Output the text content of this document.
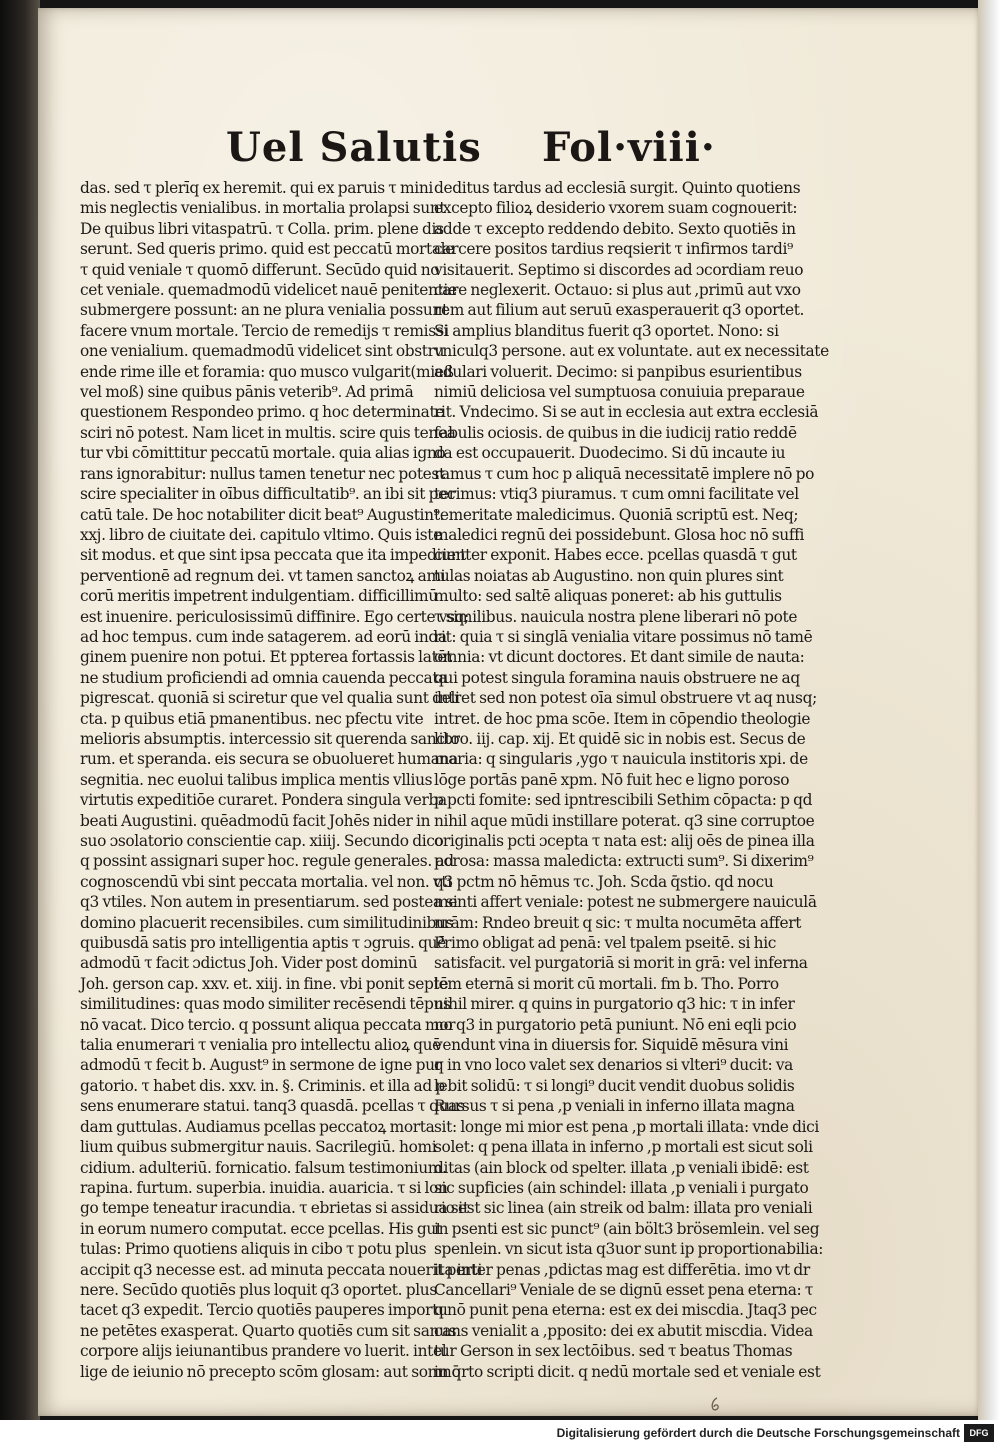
Uel Salutis Fol·viii·
das. sed τ plerīq ex heremit. qui ex paruis τ mini
mis neglectis venialibus. in mortalia prolapsi sunt
De quibus libri vitaspatrū. τ Colla. prim. plene dis
serunt. Sed queris primo. quid est peccatū mortale
τ quid veniale τ quomō differunt. Secūdo quid no
cet veniale. quemadmodū videlicet nauē penitentie
submergere possunt: an ne plura venialia possunt
facere vnum mortale. Tercio de remedijs τ remissi
one venialium. quemadmodū videlicet sint obstru
ende rime ille et foramia: quo musco vulgarit(mieß
vel moß) sine quibus pānis veterib⁹. Ad primā
questionem Respondeo primo. q hoc determinate
sciri nō potest. Nam licet in multis. scire quis tenea
tur vbi cōmittitur peccatū mortale. quia alias igno
rans ignorabitur: nullus tamen tenetur nec potest
scire specialiter in oībus difficultatib⁹. an ibi sit pec
catū tale. De hoc notabiliter dicit beat⁹ Augustin⁹.
xxj. libro de ciuitate dei. capitulo vltimo. Quis iste
sit modus. et que sint ipsa peccata que ita impediunt
perventionē ad regnum dei. vt tamen sanctoꝝ ami
corū meritis impetrent indulgentiam. difficillimū
est inuenire. periculosissimū diffinire. Ego certe vsq;
ad hoc tempus. cum inde satagerem. ad eorū inda
ginem puenire non potui. Et ppterea fortassis latēt
ne studium proficiendi ad omnia cauenda peccata
pigrescat. quoniā si sciretur que vel qualia sunt deli
cta. p quibus etiā pmanentibus. nec pfectu vite
melioris absumptis. intercessio sit querenda sancto
rum. et speranda. eis secura se obuolueret humana
segnitia. nec euolui talibus implica mentis vllius
virtutis expeditiōe curaret. Pondera singula verba
beati Augustini. quēadmodū facit Johēs nider in
suo ɔsolatorio conscientie cap. xiiij. Secundo dico
q possint assignari super hoc. regule generales. ad
cognoscendū vbi sint peccata mortalia. vel non. vti
q3 vtiles. Non autem in presentiarum. sed postea si
domino placuerit recensibiles. cum similitudinibus
quibusdā satis pro intelligentia aptis τ ɔgruis. quē
admodū τ facit ɔdictus Joh. Vider post dominū
Joh. gerson cap. xxv. et. xiij. in fine. vbi ponit septē
similitudines: quas modo similiter recēsendi tēpus
nō vacat. Dico tercio. q possunt aliqua peccata mor
talia enumerari τ venialia pro intellectu alioꝝ quē
admodū τ fecit b. August⁹ in sermone de igne pur
gatorio. τ habet dis. xxv. in. §. Criminis. et illa ad p
sens enumerare statui. tanq3 quasdā. pcellas τ quas
dam guttulas. Audiamus pcellas peccatoꝝ morta
lium quibus submergitur nauis. Sacrilegiū. homi
cidium. adulteriū. fornicatio. falsum testimonium.
rapina. furtum. superbia. inuidia. auaricia. τ si lon
go tempe teneatur iracundia. τ ebrietas si assidua sit
in eorum numero computat. ecce pcellas. His gut
tulas: Primo quotiens aliquis in cibo τ potu plus
accipit q3 necesse est. ad minuta peccata nouerit perti
nere. Secūdo quotiēs plus loquit q3 oportet. plus
tacet q3 expedit. Tercio quotiēs pauperes importu
ne petētes exasperat. Quarto quotiēs cum sit sanus
corpore alijs ieiunantibus prandere vo luerit. intel
lige de ieiunio nō precepto scōm glosam: aut somno
deditus tardus ad ecclesiā surgit. Quinto quotiens
excepto filioꝝ desiderio vxorem suam cognouerit:
adde τ excepto reddendo debito. Sexto quotiēs in
carcere positos tardius reqsierit τ infirmos tardi⁹
visitauerit. Septimo si discordes ad ɔcordiam reuo
care neglexerit. Octauo: si plus aut ,primū aut vxo
rem aut filium aut seruū exasperauerit q3 oportet.
Si amplius blanditus fuerit q3 oportet. Nono: si
vniculq3 persone. aut ex voluntate. aut ex necessitate
adulari voluerit. Decimo: si panpibus esurientibus
nimiū deliciosa vel sumptuosa conuiuia preparaue
rit. Vndecimo. Si se aut in ecclesia aut extra ecclesiā
fabulis ociosis. de quibus in die iudicij ratio reddē
da est occupauerit. Duodecimo. Si dū incaute iu
ramus τ cum hoc p aliquā necessitatē implere nō po
terimus: vtiq3 piuramus. τ cum omni facilitate vel
temeritate maledicimus. Quoniā scriptū est. Neq;
maledici regnū dei possidebunt. Glosa hoc nō suffi
cienter exponit. Habes ecce. pcellas quasdā τ gut
tulas noiatas ab Augustino. non quin plures sint
multo: sed saltē aliquas poneret: ab his guttulis
τ similibus. nauicula nostra plene liberari nō pote
rit: quia τ si singlā venialia vitare possimus nō tamē
omnia: vt dicunt doctores. Et dant simile de nauta:
qui potest singula foramina nauis obstruere ne aq
intret sed non potest oīa simul obstruere vt aq nusq;
intret. de hoc pma scōe. Item in cōpendio theologie
libro. iij. cap. xij. Et quidē sic in nobis est. Secus de
maria: q singularis ,ygo τ nauicula institoris xpi. de
lōge portās panē xpm. Nō fuit hec e ligno poroso
p pcti fomite: sed ipntrescibili Sethim cōpacta: p qd
nihil aque mūdi instillare poterat. q3 sine corruptoe
originalis pcti ɔcepta τ nata est: alij oēs de pinea illa
porosa: massa maledicta: extructi sum⁹. Si dixerim⁹
q3 pctm nō hēmus τc. Joh. Scda q̄stio. qd nocu
menti affert veniale: potest ne submergere nauiculā
nrām: Rndeo breuit q sic: τ multa nocumēta affert
Primo obligat ad penā: vel tpalem pseitē. si hic
satisfacit. vel purgatoriā si morit in grā: vel inferna
lem eternā si morit cū mortali. fm b. Tho. Porro
nihil mirer. q quins in purgatorio q3 hic: τ in infer
no q3 in purgatorio petā puniunt. Nō eni eqli pcio
vendunt vina in diuersis for. Siquidē mēsura vini
q in vno loco valet sex denarios si vlteri⁹ ducit: va
lebit solidū: τ si longi⁹ ducit vendit duobus solidis
Rursus τ si pena ,p veniali in inferno illata magna
sit: longe mi mior est pena ,p mortali illata: vnde dici
solet: q pena illata in inferno ,p mortali est sicut soli
ditas (ain block od spelter. illata ,p veniali ibidē: est
sic supficies (ain schindel: illata ,p veniali i purgato
rio est sic linea (ain streik od balm: illata pro veniali
in psenti est sic punct⁹ (ain bölt3 brösemlein. vel seg
spenlein. vn sicut ista q3uor sunt ip proportionabilia:
ita inter penas ,pdictas mag est differētia. imo vt dr
Cancellari⁹ Veniale de se dignū esset pena eterna: τ
q nō punit pena eterna: est ex dei miscdia. Jtaq3 pec
cans venialit a ,pposito: dei ex abutit miscdia. Videa
tur Gerson in sex lectōibus. sed τ beatus Thomas
in q̄rto scripti dicit. q nedū mortale sed et veniale est
Digitalisierung gefördert durch die Deutsche Forschungsgemeinschaft	DFG
